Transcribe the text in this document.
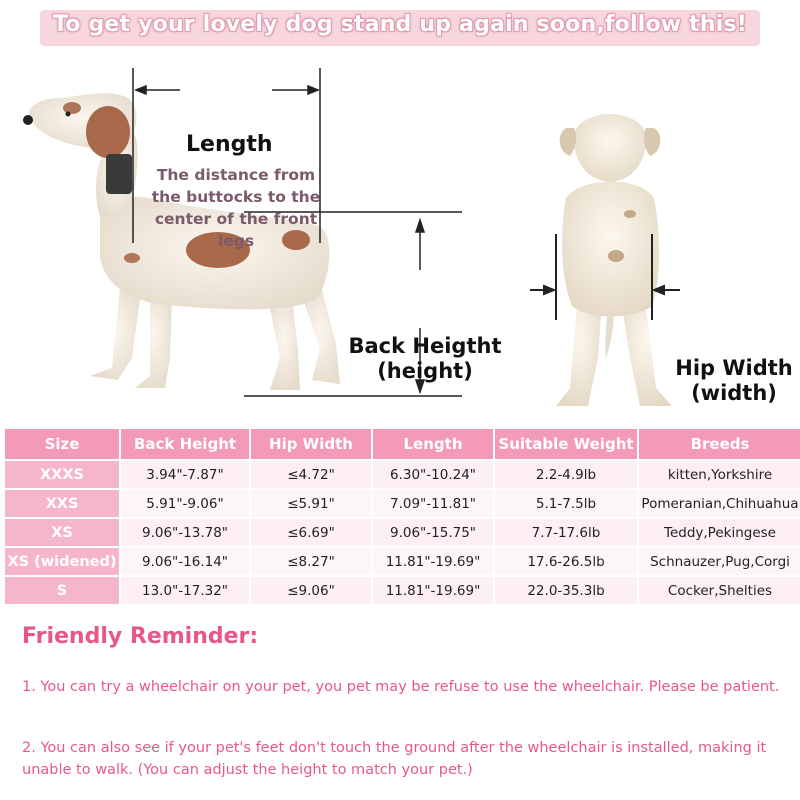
To get your lovely dog stand up again soon,follow this!
Length
The distance from
the buttocks to the
center of the front legs
Back Heigtht
(height)	Hip Width
(width)
Size	Back Height	Hip Width	Length	Suitable Weight	Breeds
XXXS	3.94"-7.87"	≤4.72"	6.30"-10.24"	2.2-4.9lb	kitten,Yorkshire
XXS	5.91"-9.06"	≤5.91"	7.09"-11.81"	5.1-7.5lb	Pomeranian,Chihuahua
XS	9.06"-13.78"	≤6.69"	9.06"-15.75"	7.7-17.6lb	Teddy,Pekingese
XS (widened)	9.06"-16.14"	≤8.27"	11.81"-19.69"	17.6-26.5lb	Schnauzer,Pug,Corgi
S	13.0"-17.32"	≤9.06"	11.81"-19.69"	22.0-35.3lb	Cocker,Shelties
Friendly Reminder:
1. You can try a wheelchair on your pet, you pet may be refuse to use the wheelchair. Please be patient.
2. You can also see if your pet's feet don't touch the ground after the wheelchair is installed, making it unable to walk. (You can adjust the height to match your pet.)
